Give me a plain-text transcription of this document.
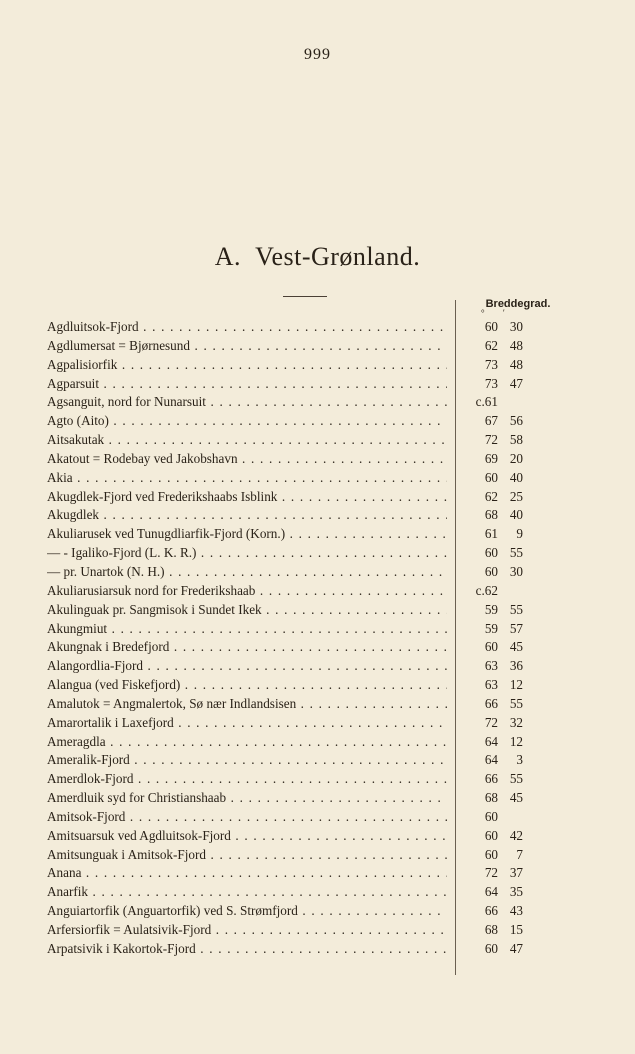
999
A. Vest-Grønland.
Breddegrad.
° ′
Agdluitsok-Fjord . . .	60 30
Agdlumersat = Bjørnesund . . .	62 48
Agpalisiorfik . . .	73 48
Agparsuit . . .	73 47
Agsanguit, nord for Nunarsuit . . .	c.61
Agto (Aito) . . .	67 56
Aitsakutak . . .	72 58
Akatout = Rodebay ved Jakobshavn . . .	69 20
Akia . . .	60 40
Akugdlek-Fjord ved Frederikshaabs Isblink . . .	62 25
Akugdlek . . .	68 40
Akuliarusek ved Tunugdliarfik-Fjord (Korn.) . . .	61 9
— - Igaliko-Fjord (L. K. R.) . . .	60 55
— pr. Unartok (N. H.) . . .	60 30
Akuliarusiarsuk nord for Frederikshaab . . .	c.62
Akulinguak pr. Sangmisok i Sundet Ikek . . .	59 55
Akungmiut . . .	59 57
Akungnak i Bredefjord . . .	60 45
Alangordlia-Fjord . . .	63 36
Alangua (ved Fiskefjord) . . .	63 12
Amalutok = Angmalertok, Sø nær Indlandsisen . . .	66 55
Amarortalik i Laxefjord . . .	72 32
Ameragdla . . .	64 12
Ameralik-Fjord . . .	64 3
Amerdlok-Fjord . . .	66 55
Amerdluik syd for Christianshaab . . .	68 45
Amitsok-Fjord . . .	60
Amitsuarsuk ved Agdluitsok-Fjord . . .	60 42
Amitsunguak i Amitsok-Fjord . . .	60 7
Anana . . .	72 37
Anarfik . . .	64 35
Anguiartorfik (Anguartorfik) ved S. Strømfjord . . .	66 43
Arfersiorfik = Aulatsivik-Fjord . . .	68 15
Arpatsivik i Kakortok-Fjord . . .	60 47
